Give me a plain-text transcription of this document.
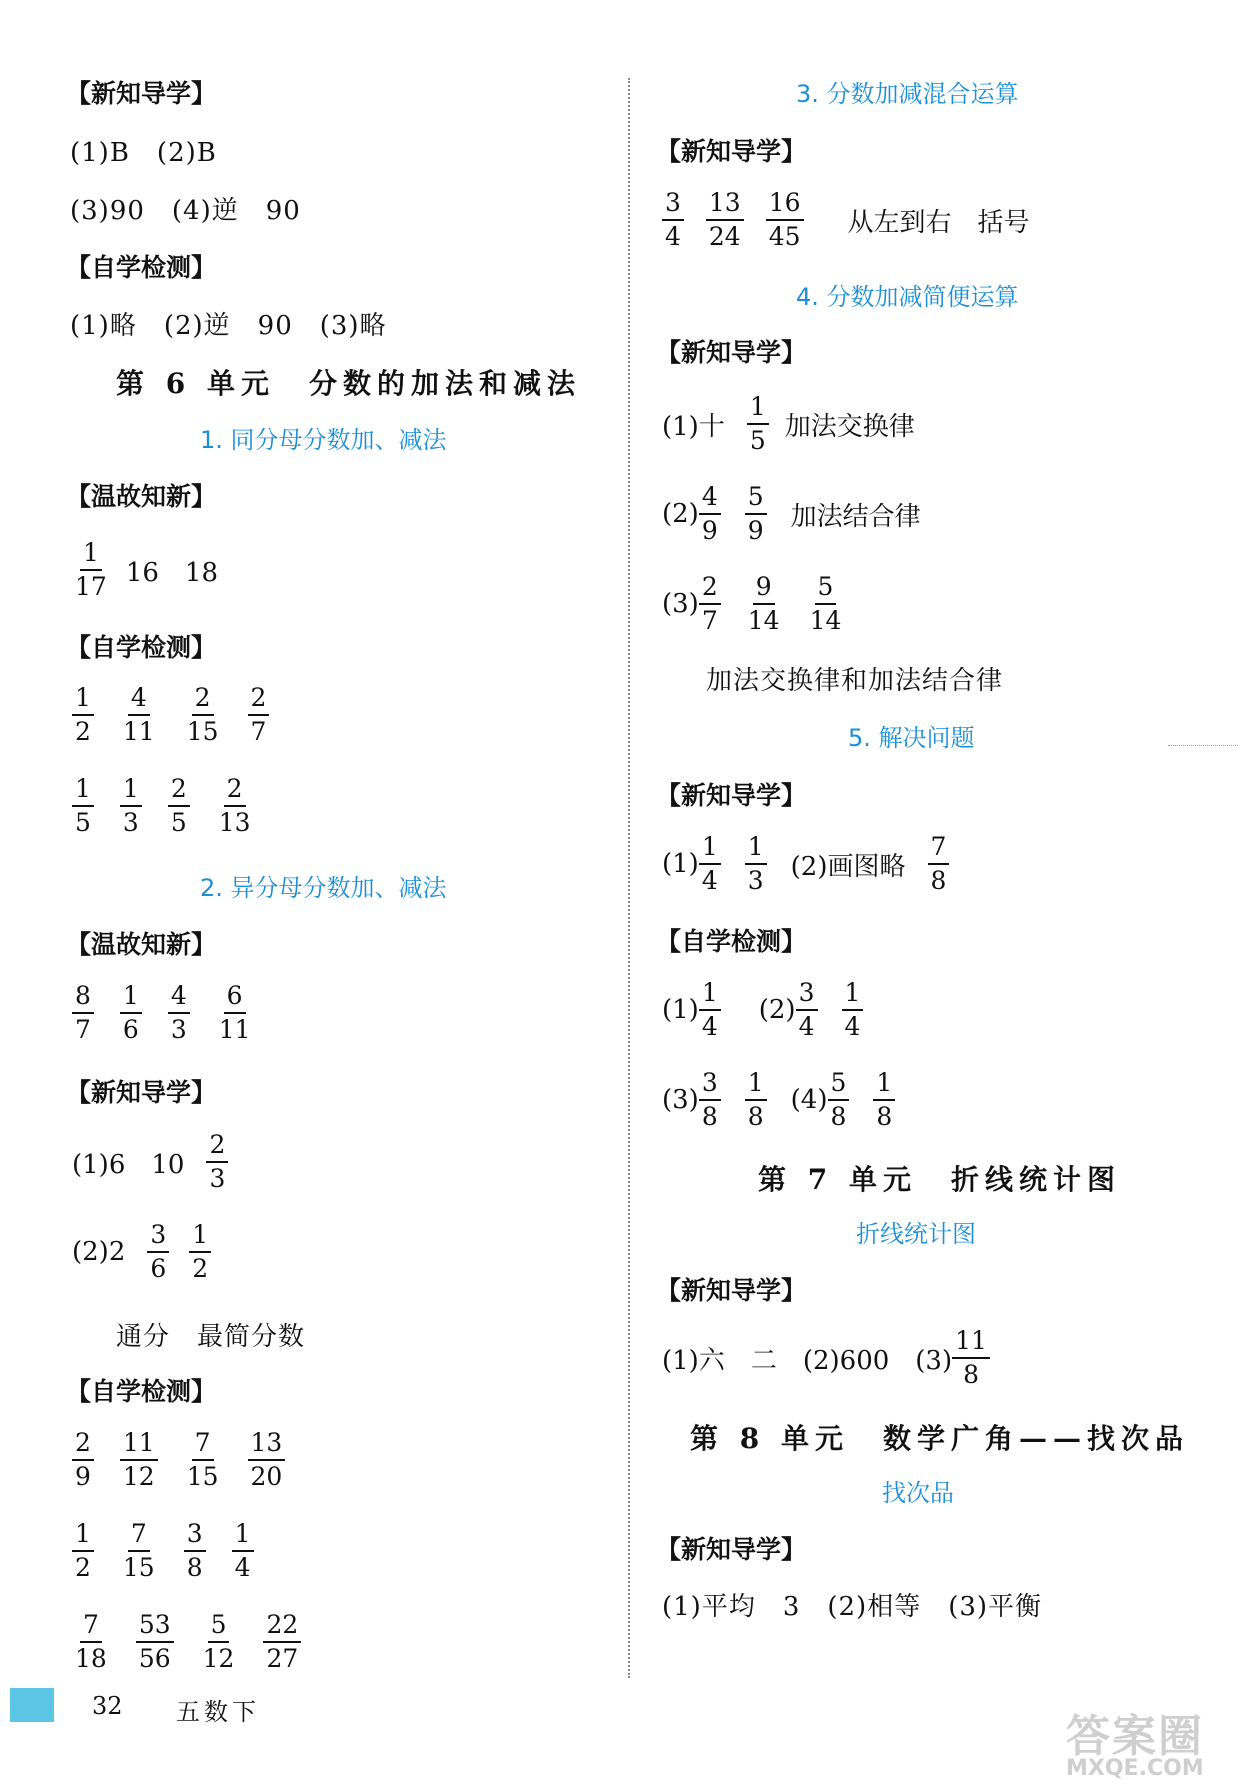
【新知导学】
(1)B　(2)B
(3)90　(4)逆　90
【自学检测】
(1)略　(2)逆　90　(3)略
第 6 单元　分数的加法和减法
1. 同分母分数加、减法
【温故知新】
$\frac{1}{17} 16$　18
【自学检测】
$\frac{1}{2} \frac{4}{11} \frac{2}{15} \frac{2}{7}$
$\frac{1}{5} \frac{1}{3} \frac{2}{5} \frac{2}{13}$
2. 异分母分数加、减法
【温故知新】
$\frac{8}{7} \frac{1}{6} \frac{4}{3} \frac{6}{11}$
【新知导学】
(1)6　$10 \frac{2}{3}$
$(2)2 \frac{3}{6} \frac{1}{2}$
通分　最简分数
【自学检测】
$\frac{2}{9} \frac{11}{12} \frac{7}{15} \frac{13}{20}$
$\frac{1}{2} \frac{7}{15} \frac{3}{8} \frac{1}{4}$
$\frac{7}{18} \frac{53}{56} \frac{5}{12} \frac{22}{27}$
3. 分数加减混合运算
【新知导学】
$\frac{3}{4} \frac{13}{24} \frac{16}{45}$ 从左到右　括号
4. 分数加减简便运算
【新知导学】
(1)十 $\frac{1}{5}$ 加法交换律
$(2) \frac{4}{9} \frac{5}{9}$ 加法结合律
$(3) \frac{2}{7} \frac{9}{14} \frac{5}{14}$
加法交换律和加法结合律
5. 解决问题
【新知导学】
$(1) \frac{1}{4} \frac{1}{3} (2)$画图略 $\frac{7}{8}$
【自学检测】
$(1) \frac{1}{4} (2) \frac{3}{4} \frac{1}{4}$
$(3) \frac{3}{8} \frac{1}{8} (4) \frac{5}{8} \frac{1}{8}$
第 7 单元　折线统计图
折线统计图
【新知导学】
(1)六　二　(2)600　$(3) \frac{11}{8}$
第 8 单元　数学广角——找次品
找次品
【新知导学】
(1)平均　3　(2)相等　(3)平衡
32 五数下	答案圈
MXQE.COM
